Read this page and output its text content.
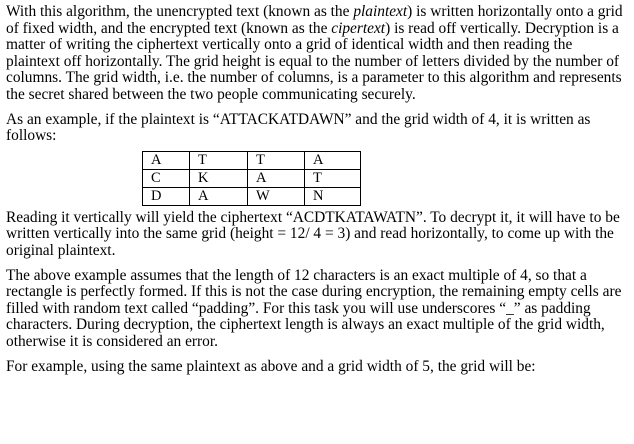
With this algorithm, the unencrypted text (known as the plaintext) is written horizontally onto a grid of fixed width, and the encrypted text (known as the cipertext) is read off vertically. Decryption is a matter of writing the ciphertext vertically onto a grid of identical width and then reading the plaintext off horizontally. The grid height is equal to the number of letters divided by the number of columns. The grid width, i.e. the number of columns, is a parameter to this algorithm and represents the secret shared between the two people communicating securely.

As an example, if the plaintext is “ATTACKATDAWN” and the grid width of 4, it is written as follows:

A	T	T	A
C	K	A	T
D	A	W	N

Reading it vertically will yield the ciphertext “ACDTKATAWATN”. To decrypt it, it will have to be written vertically into the same grid (height = 12/ 4 = 3) and read horizontally, to come up with the original plaintext.

The above example assumes that the length of 12 characters is an exact multiple of 4, so that a rectangle is perfectly formed. If this is not the case during encryption, the remaining empty cells are filled with random text called “padding”. For this task you will use underscores “_” as padding characters. During decryption, the ciphertext length is always an exact multiple of the grid width, otherwise it is considered an error.

For example, using the same plaintext as above and a grid width of 5, the grid will be:
